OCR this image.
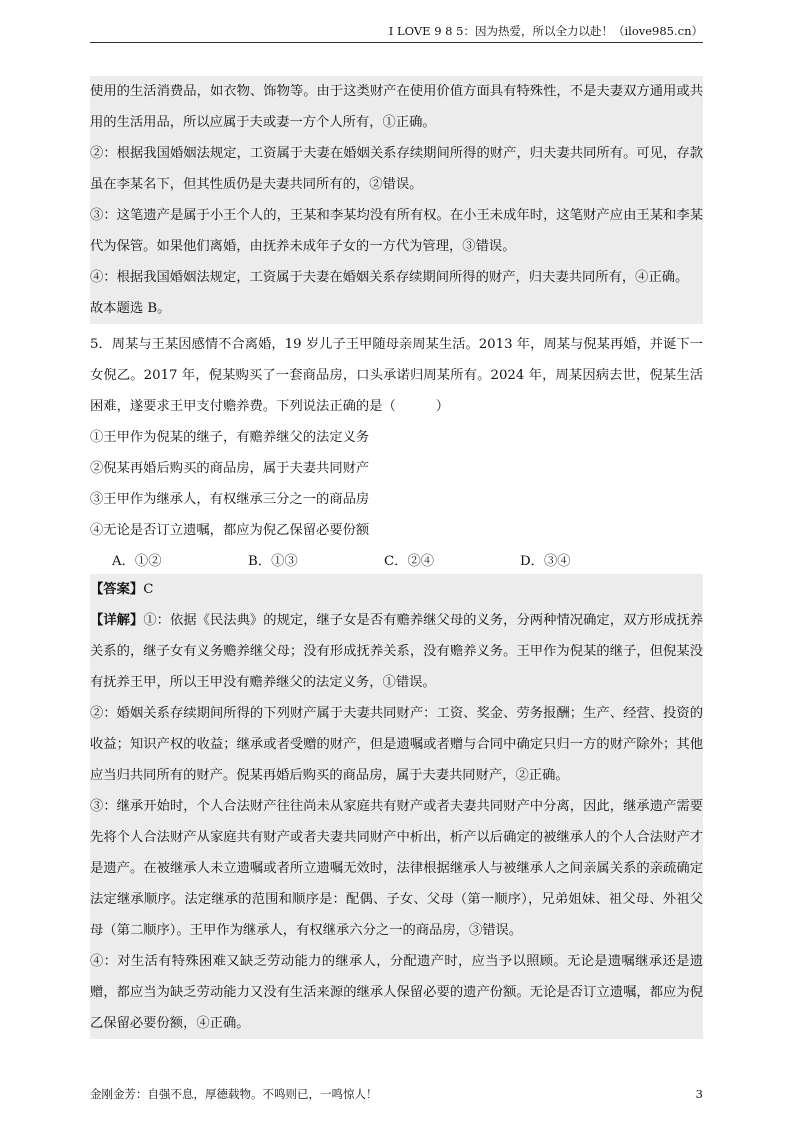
I LOVE 9 8 5：因为热爱，所以全力以赴！（ilove985.cn）

使用的生活消费品，如衣物、饰物等。由于这类财产在使用价值方面具有特殊性，不是夫妻双方通用或共用的生活用品，所以应属于夫或妻一方个人所有，①正确。

②：根据我国婚姻法规定，工资属于夫妻在婚姻关系存续期间所得的财产，归夫妻共同所有。可见，存款虽在李某名下，但其性质仍是夫妻共同所有的，②错误。

③：这笔遗产是属于小王个人的，王某和李某均没有所有权。在小王未成年时，这笔财产应由王某和李某代为保管。如果他们离婚，由抚养未成年子女的一方代为管理，③错误。

④：根据我国婚姻法规定，工资属于夫妻在婚姻关系存续期间所得的财产，归夫妻共同所有，④正确。

故本题选 B。

5．周某与王某因感情不合离婚，19 岁儿子王甲随母亲周某生活。2013 年，周某与倪某再婚，并诞下一女倪乙。2017 年，倪某购买了一套商品房，口头承诺归周某所有。2024 年，周某因病去世，倪某生活困难，遂要求王甲支付赡养费。下列说法正确的是（　　　）

①王甲作为倪某的继子，有赡养继父的法定义务

②倪某再婚后购买的商品房，属于夫妻共同财产

③王甲作为继承人，有权继承三分之一的商品房

④无论是否订立遗嘱，都应为倪乙保留必要份额

A．①②	B．①③	C．②④	D．③④

【答案】C

【详解】①：依据《民法典》的规定，继子女是否有赡养继父母的义务，分两种情况确定，双方形成抚养关系的，继子女有义务赡养继父母；没有形成抚养关系，没有赡养义务。王甲作为倪某的继子，但倪某没有抚养王甲，所以王甲没有赡养继父的法定义务，①错误。

②：婚姻关系存续期间所得的下列财产属于夫妻共同财产：工资、奖金、劳务报酬；生产、经营、投资的收益；知识产权的收益；继承或者受赠的财产，但是遗嘱或者赠与合同中确定只归一方的财产除外；其他应当归共同所有的财产。倪某再婚后购买的商品房，属于夫妻共同财产，②正确。

③：继承开始时，个人合法财产往往尚未从家庭共有财产或者夫妻共同财产中分离，因此，继承遗产需要先将个人合法财产从家庭共有财产或者夫妻共同财产中析出，析产以后确定的被继承人的个人合法财产才是遗产。在被继承人未立遗嘱或者所立遗嘱无效时，法律根据继承人与被继承人之间亲属关系的亲疏确定法定继承顺序。法定继承的范围和顺序是：配偶、子女、父母（第一顺序），兄弟姐妹、祖父母、外祖父母（第二顺序）。王甲作为继承人，有权继承六分之一的商品房，③错误。

④：对生活有特殊困难又缺乏劳动能力的继承人，分配遗产时，应当予以照顾。无论是遗嘱继承还是遗赠，都应当为缺乏劳动能力又没有生活来源的继承人保留必要的遗产份额。无论是否订立遗嘱，都应为倪乙保留必要份额，④正确。

金刚金芳：自强不息，厚德载物。不鸣则已，一鸣惊人！	3
